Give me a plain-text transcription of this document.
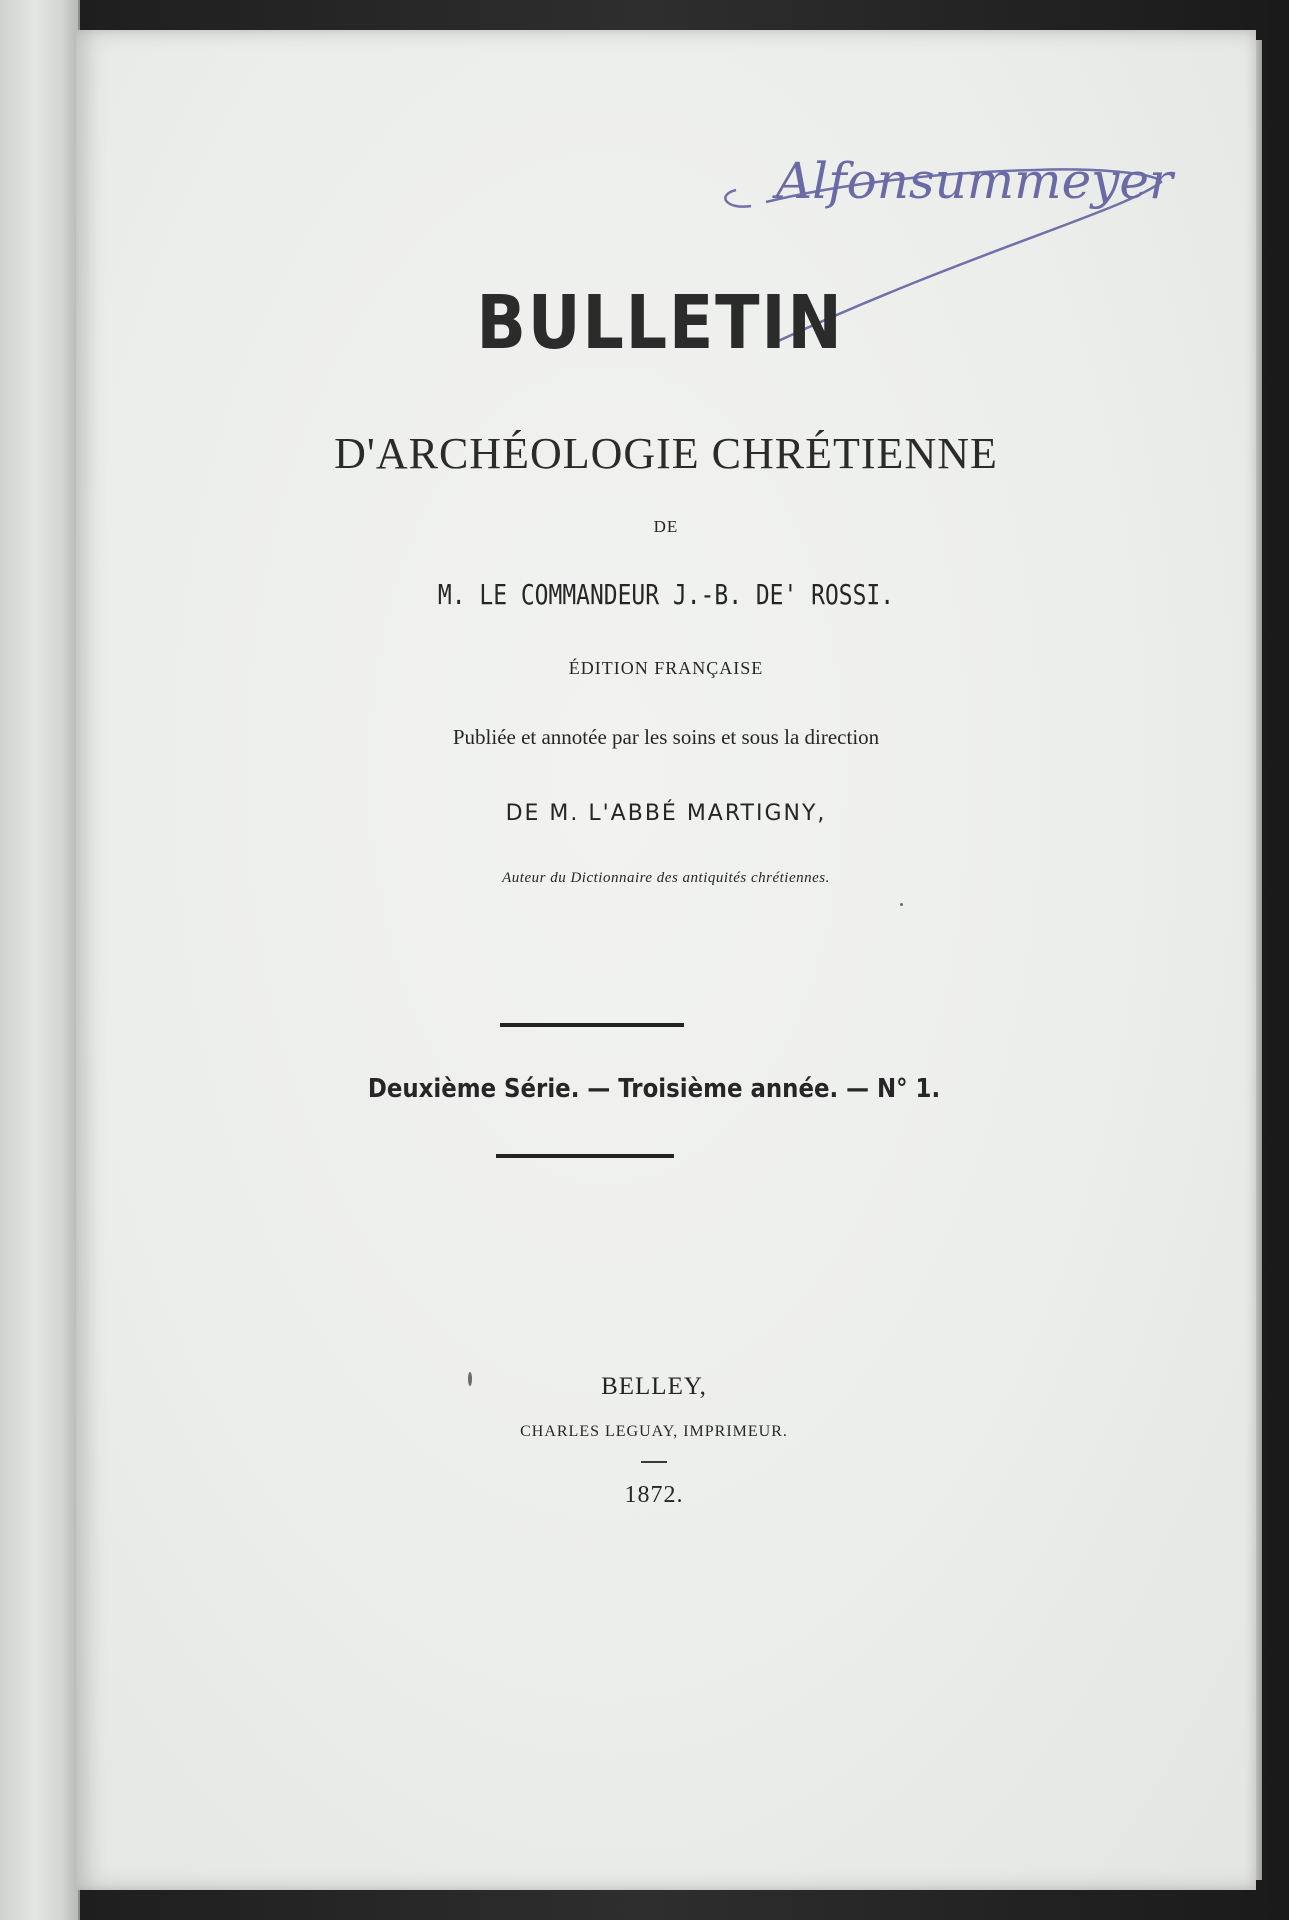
Alfonsummeyer
BULLETIN
D'ARCHÉOLOGIE CHRÉTIENNE
DE
M. LE COMMANDEUR J.-B. DE' ROSSI.
ÉDITION FRANÇAISE
Publiée et annotée par les soins et sous la direction
DE M. L'ABBÉ MARTIGNY,
Auteur du Dictionnaire des antiquités chrétiennes.
Deuxième Série. — Troisième année. — N° 1.
BELLEY,
CHARLES LEGUAY, IMPRIMEUR.
1872.
